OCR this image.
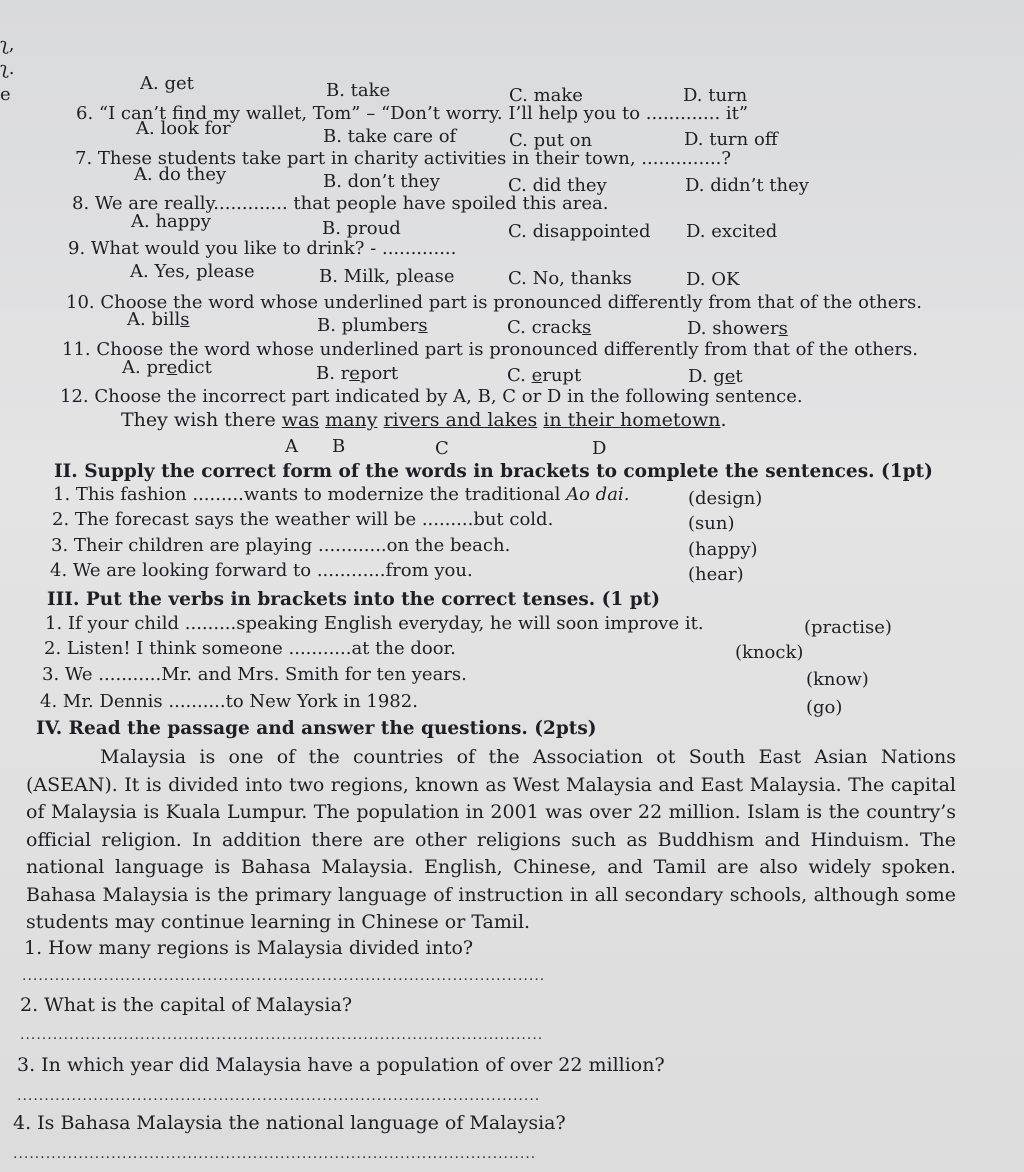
ʅ,
ʅ.
e
A. get	B. take	C. make	D. turn
6. “I can’t find my wallet, Tom” – “Don’t worry. I’ll help you to ............. it”
A. look for	B. take care of	C. put on	D. turn off
7. These students take part in charity activities in their town, ..............?
A. do they	B. don’t they	C. did they	D. didn’t they
8. We are really............. that people have spoiled this area.
A. happy	B. proud	C. disappointed D. excited
9. What would you like to drink? - .............
A. Yes, please	B. Milk, please	C. No, thanks	D. OK
10. Choose the word whose underlined part is pronounced differently from that of the others.
A. bills	B. plumbers	C. cracks	D. showers
11. Choose the word whose underlined part is pronounced differently from that of the others.
A. predict	B. report	C. erupt	D. get
12. Choose the incorrect part indicated by A, B, C or D in the following sentence.
They wish there was many rivers and lakes in their hometown.
A B	C	D
II. Supply the correct form of the words in brackets to complete the sentences. (1pt)
1. This fashion .........wants to modernize the traditional Ao dai.	(design)
2. The forecast says the weather will be .........but cold.	(sun)
3. Their children are playing ............on the beach.	(happy)
4. We are looking forward to ............from you.	(hear)
III. Put the verbs in brackets into the correct tenses. (1 pt)
1. If your child .........speaking English everyday, he will soon improve it.	(practise)
2. Listen! I think someone ...........at the door.	(knock)
3. We ...........Mr. and Mrs. Smith for ten years.	(know)
4. Mr. Dennis ..........to New York in 1982.	(go)
IV. Read the passage and answer the questions. (2pts)
Malaysia is one of the countries of the Association ot South East Asian Nations (ASEAN). It is divided into two regions, known as West Malaysia and East Malaysia. The capital of Malaysia is Kuala Lumpur. The population in 2001 was over 22 million. Islam is the country’s official religion. In addition there are other religions such as Buddhism and Hinduism. The national language is Bahasa Malaysia. English, Chinese, and Tamil are also widely spoken. Bahasa Malaysia is the primary language of instruction in all secondary schools, although some students may continue learning in Chinese or Tamil.
1. How many regions is Malaysia divided into?
................................................................................................
2. What is the capital of Malaysia?
................................................................................................
3. In which year did Malaysia have a population of over 22 million?
................................................................................................
4. Is Bahasa Malaysia the national language of Malaysia?
................................................................................................
